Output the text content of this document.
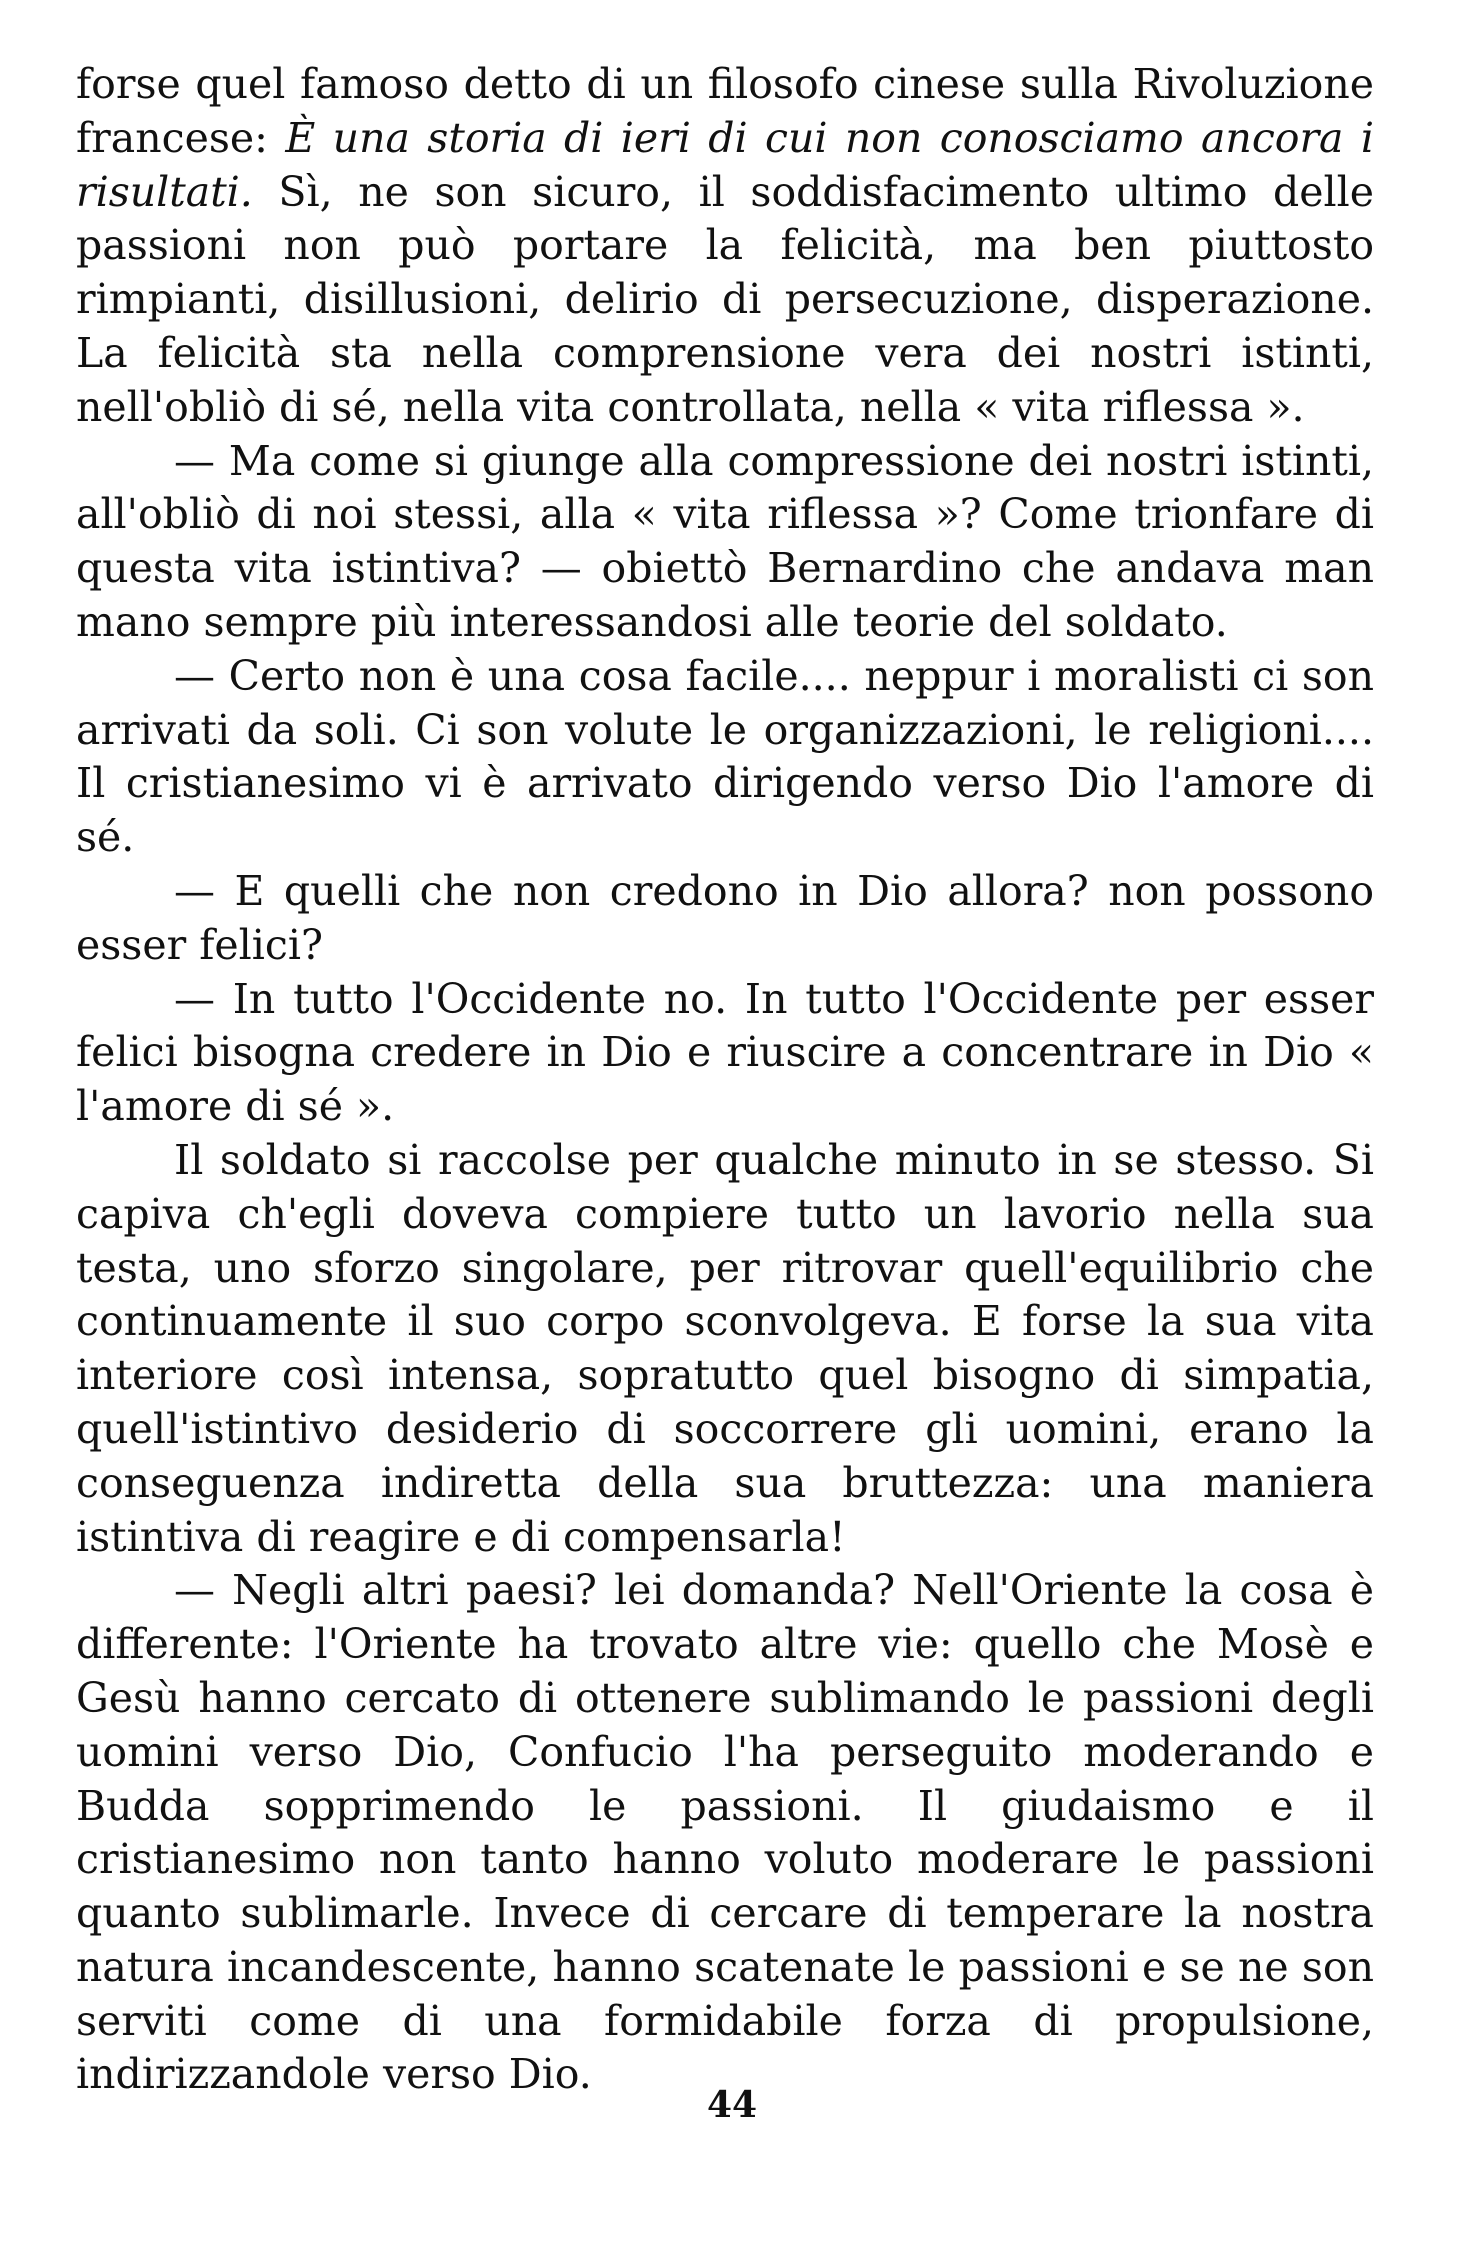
forse quel famoso detto di un filosofo cinese sulla Rivoluzione francese: È una storia di ieri di cui non conosciamo ancora i risultati. Sì, ne son sicuro, il soddisfacimento ultimo delle passioni non può portare la felicità, ma ben piuttosto rimpianti, disillusioni, delirio di persecuzione, disperazione. La felicità sta nella comprensione vera dei nostri istinti, nell'obliò di sé, nella vita controllata, nella « vita riflessa ».

— Ma come si giunge alla compressione dei nostri istinti, all'obliò di noi stessi, alla « vita riflessa »? Come trionfare di questa vita istintiva? — obiettò Bernardino che andava man mano sempre più interessandosi alle teorie del soldato.

— Certo non è una cosa facile.... neppur i moralisti ci son arrivati da soli. Ci son volute le organizzazioni, le religioni.... Il cristianesimo vi è arrivato dirigendo verso Dio l'amore di sé.

— E quelli che non credono in Dio allora? non possono esser felici?

— In tutto l'Occidente no. In tutto l'Occidente per esser felici bisogna credere in Dio e riuscire a concentrare in Dio « l'amore di sé ».

Il soldato si raccolse per qualche minuto in se stesso. Si capiva ch'egli doveva compiere tutto un lavorio nella sua testa, uno sforzo singolare, per ritrovar quell'equilibrio che continuamente il suo corpo sconvolgeva. E forse la sua vita interiore così intensa, sopratutto quel bisogno di simpatia, quell'istintivo desiderio di soccorrere gli uomini, erano la conseguenza indiretta della sua bruttezza: una maniera istintiva di reagire e di compensarla!

— Negli altri paesi? lei domanda? Nell'Oriente la cosa è differente: l'Oriente ha trovato altre vie: quello che Mosè e Gesù hanno cercato di ottenere sublimando le passioni degli uomini verso Dio, Confucio l'ha perseguito moderando e Budda sopprimendo le passioni. Il giudaismo e il cristianesimo non tanto hanno voluto moderare le passioni quanto sublimarle. Invece di cercare di temperare la nostra natura incandescente, hanno scatenate le passioni e se ne son serviti come di una formidabile forza di propulsione, indirizzandole verso Dio.

44
